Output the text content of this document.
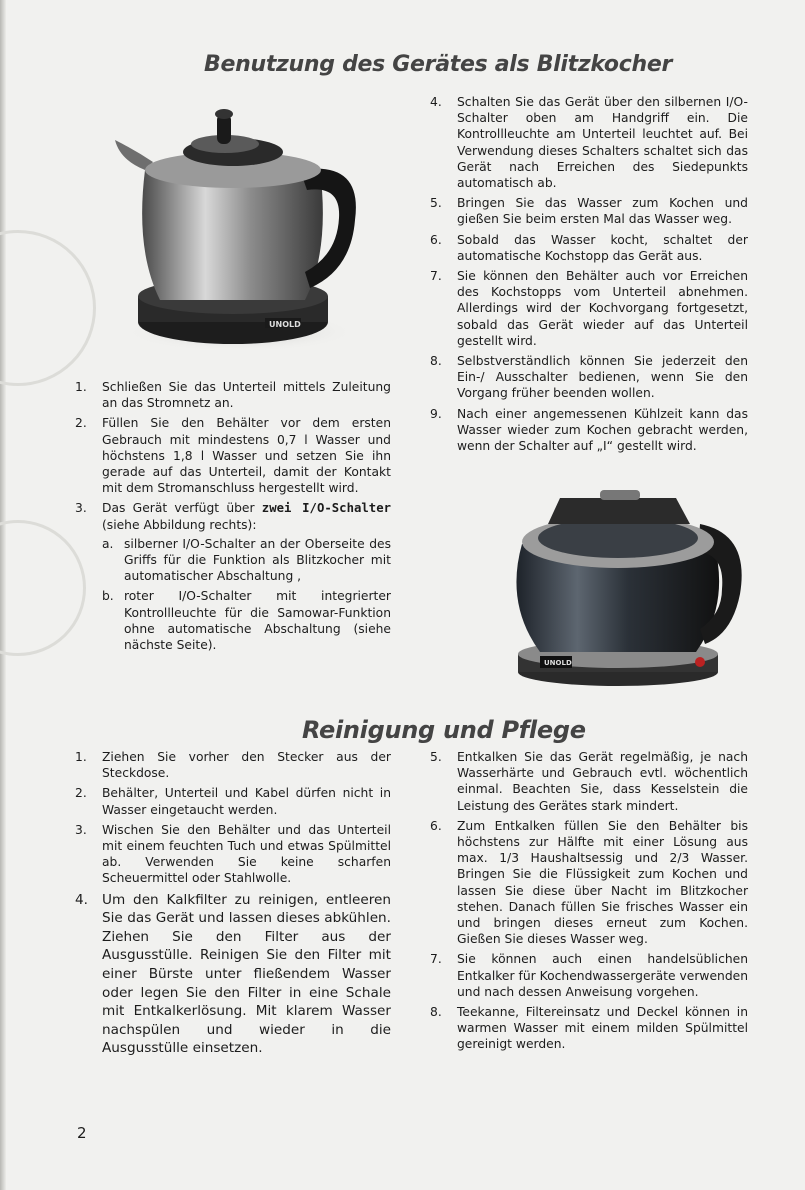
Benutzung des Gerätes als Blitzkocher
UNOLD
1. Schließen Sie das Unterteil mittels Zuleitung an das Stromnetz an.
2. Füllen Sie den Behälter vor dem ersten Gebrauch mit mindestens 0,7 l Wasser und höchstens 1,8 l Wasser und setzen Sie ihn gerade auf das Unterteil, damit der Kontakt mit dem Stromanschluss hergestellt wird.
3. Das Gerät verfügt über zwei I/O-Schalter (siehe Abbildung rechts):
a. silberner I/O-Schalter an der Oberseite des Griffs für die Funktion als Blitzkocher mit automatischer Abschaltung ,
b. roter I/O-Schalter mit integrierter Kontrollleuchte für die Samowar-Funktion ohne automatische Abschaltung (siehe nächste Seite).
4. Schalten Sie das Gerät über den silbernen I/O-Schalter oben am Handgriff ein. Die Kontrollleuchte am Unterteil leuchtet auf. Bei Verwendung dieses Schalters schaltet sich das Gerät nach Erreichen des Siedepunkts automatisch ab.
5. Bringen Sie das Wasser zum Kochen und gießen Sie beim ersten Mal das Wasser weg.
6. Sobald das Wasser kocht, schaltet der automatische Kochstopp das Gerät aus.
7. Sie können den Behälter auch vor Erreichen des Kochstopps vom Unterteil abnehmen. Allerdings wird der Kochvorgang fortgesetzt, sobald das Gerät wieder auf das Unterteil gestellt wird.
8. Selbstverständlich können Sie jederzeit den Ein-/ Ausschalter bedienen, wenn Sie den Vorgang früher beenden wollen.
9. Nach einer angemessenen Kühlzeit kann das Wasser wieder zum Kochen gebracht werden, wenn der Schalter auf „I“ gestellt wird.
UNOLD
Reinigung und Pflege
1. Ziehen Sie vorher den Stecker aus der Steckdose.
2. Behälter, Unterteil und Kabel dürfen nicht in Wasser eingetaucht werden.
3. Wischen Sie den Behälter und das Unterteil mit einem feuchten Tuch und etwas Spülmittel ab. Verwenden Sie keine scharfen Scheuermittel oder Stahlwolle.
4. Um den Kalkfilter zu reinigen, entleeren Sie das Gerät und lassen dieses abkühlen. Ziehen Sie den Filter aus der Ausgusstülle. Reinigen Sie den Filter mit einer Bürste unter fließendem Wasser oder legen Sie den Filter in eine Schale mit Entkalkerlösung. Mit klarem Wasser nachspülen und wieder in die Ausgusstülle einsetzen.
5. Entkalken Sie das Gerät regelmäßig, je nach Wasserhärte und Gebrauch evtl. wöchentlich einmal. Beachten Sie, dass Kesselstein die Leistung des Gerätes stark mindert.
6. Zum Entkalken füllen Sie den Behälter bis höchstens zur Hälfte mit einer Lösung aus max. 1/3 Haushaltsessig und 2/3 Wasser. Bringen Sie die Flüssigkeit zum Kochen und lassen Sie diese über Nacht im Blitzkocher stehen. Danach füllen Sie frisches Wasser ein und bringen dieses erneut zum Kochen. Gießen Sie dieses Wasser weg.
7. Sie können auch einen handelsüblichen Entkalker für Kochendwassergeräte verwenden und nach dessen Anweisung vorgehen.
8. Teekanne, Filtereinsatz und Deckel können in warmen Wasser mit einem milden Spülmittel gereinigt werden.
2
